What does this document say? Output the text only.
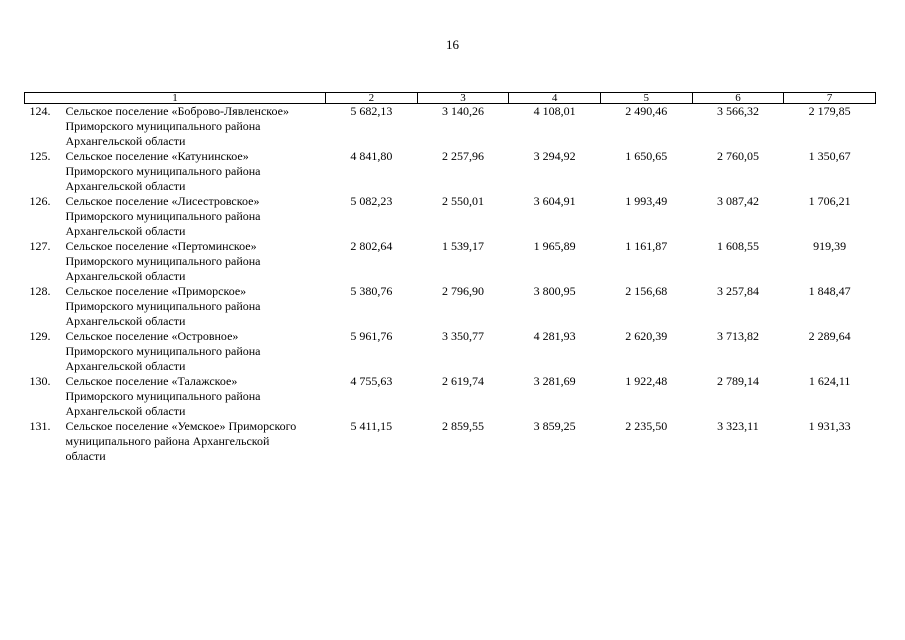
16
1	2	3	4	5	6	7

124. Сельское поселение «Боброво-Лявленское»
Приморского муниципального района
Архангельской области	5 682,13	3 140,26	4 108,01	2 490,46	3 566,32	2 179,85

125. Сельское поселение «Катунинское»
Приморского муниципального района
Архангельской области	4 841,80	2 257,96	3 294,92	1 650,65	2 760,05	1 350,67

126. Сельское поселение «Лисестровское»
Приморского муниципального района
Архангельской области	5 082,23	2 550,01	3 604,91	1 993,49	3 087,42	1 706,21

127. Сельское поселение «Пертоминское»
Приморского муниципального района
Архангельской области	2 802,64	1 539,17	1 965,89	1 161,87	1 608,55	919,39

128. Сельское поселение «Приморское»
Приморского муниципального района
Архангельской области	5 380,76	2 796,90	3 800,95	2 156,68	3 257,84	1 848,47

129. Сельское поселение «Островное»
Приморского муниципального района
Архангельской области	5 961,76	3 350,77	4 281,93	2 620,39	3 713,82	2 289,64

130. Сельское поселение «Талажское»
Приморского муниципального района
Архангельской области	4 755,63	2 619,74	3 281,69	1 922,48	2 789,14	1 624,11

131. Сельское поселение «Уемское» Приморского
муниципального района Архангельской
области	5 411,15	2 859,55	3 859,25	2 235,50	3 323,11	1 931,33
